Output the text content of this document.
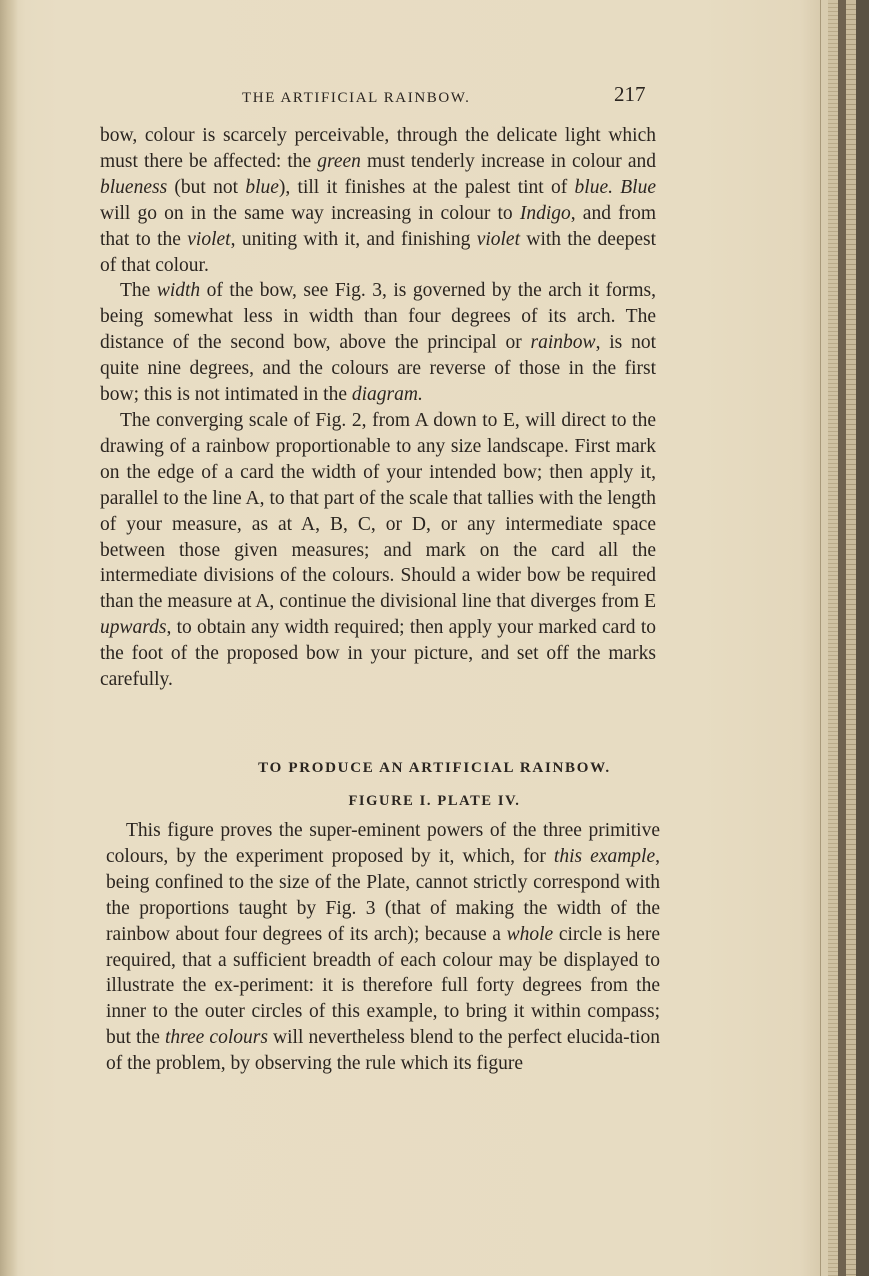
THE ARTIFICIAL RAINBOW.	217

bow, colour is scarcely perceivable, through the delicate light which must there be affected: the green must tenderly increase in colour and blueness (but not blue), till it finishes at the palest tint of blue. Blue will go on in the same way increasing in colour to Indigo, and from that to the violet, uniting with it, and finishing violet with the deepest of that colour.

The width of the bow, see Fig. 3, is governed by the arch it forms, being somewhat less in width than four degrees of its arch. The distance of the second bow, above the principal or rainbow, is not quite nine degrees, and the colours are reverse of those in the first bow; this is not intimated in the diagram.

The converging scale of Fig. 2, from A down to E, will direct to the drawing of a rainbow proportionable to any size landscape. First mark on the edge of a card the width of your intended bow; then apply it, parallel to the line A, to that part of the scale that tallies with the length of your measure, as at A, B, C, or D, or any intermediate space between those given measures; and mark on the card all the intermediate divisions of the colours. Should a wider bow be required than the measure at A, continue the divisional line that diverges from E upwards, to obtain any width required; then apply your marked card to the foot of the proposed bow in your picture, and set off the marks carefully.

TO PRODUCE AN ARTIFICIAL RAINBOW.
FIGURE I. PLATE IV.

This figure proves the super-eminent powers of the three primitive colours, by the experiment proposed by it, which, for this example, being confined to the size of the Plate, cannot strictly correspond with the proportions taught by Fig. 3 (that of making the width of the rainbow about four degrees of its arch); because a whole circle is here required, that a sufficient breadth of each colour may be displayed to illustrate the ex-periment: it is therefore full forty degrees from the inner to the outer circles of this example, to bring it within compass; but the three colours will nevertheless blend to the perfect elucida-tion of the problem, by observing the rule which its figure
